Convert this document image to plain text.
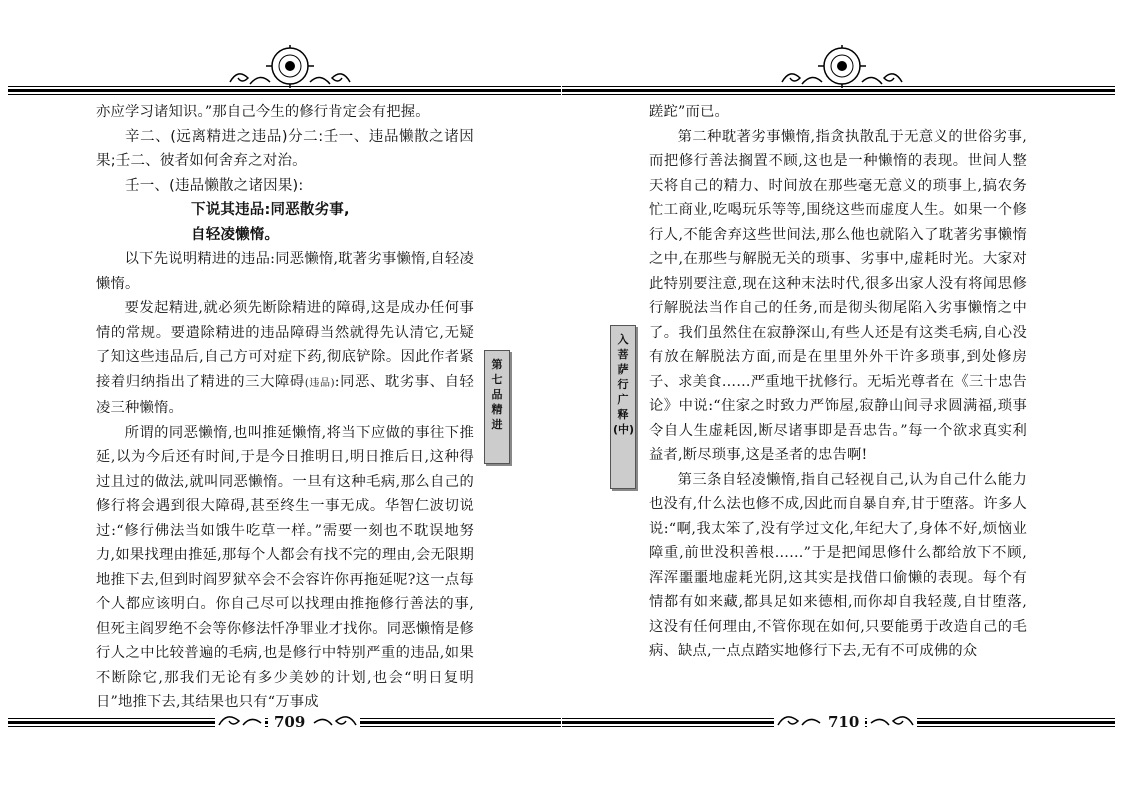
亦应学习诸知识。”那自己今生的修行肯定会有把握。

辛二、(远离精进之违品)分二:壬一、违品懒散之诸因果;壬二、彼者如何舍弃之对治。

壬一、(违品懒散之诸因果):

下说其违品:同恶散劣事,

自轻凌懒惰。

以下先说明精进的违品:同恶懒惰,耽著劣事懒惰,自轻凌懒惰。

要发起精进,就必须先断除精进的障碍,这是成办任何事情的常规。要遣除精进的违品障碍当然就得先认清它,无疑了知这些违品后,自己方可对症下药,彻底铲除。因此作者紧接着归纳指出了精进的三大障碍(违品):同恶、耽劣事、自轻凌三种懒惰。

所谓的同恶懒惰,也叫推延懒惰,将当下应做的事往下推延,以为今后还有时间,于是今日推明日,明日推后日,这种得过且过的做法,就叫同恶懒惰。一旦有这种毛病,那么自己的修行将会遇到很大障碍,甚至终生一事无成。华智仁波切说过:“修行佛法当如饿牛吃草一样。”需要一刻也不耽误地努力,如果找理由推延,那每个人都会有找不完的理由,会无限期地推下去,但到时阎罗狱卒会不会容许你再拖延呢?这一点每个人都应该明白。你自己尽可以找理由推拖修行善法的事,但死主阎罗绝不会等你修法忏净罪业才找你。同恶懒惰是修行人之中比较普遍的毛病,也是修行中特别严重的违品,如果不断除它,那我们无论有多少美妙的计划,也会“明日复明日”地推下去,其结果也只有“万事成

第七品 精进
709
入菩萨行广释(中)

蹉跎”而已。

第二种耽著劣事懒惰,指贪执散乱于无意义的世俗劣事,而把修行善法搁置不顾,这也是一种懒惰的表现。世间人整天将自己的精力、时间放在那些毫无意义的琐事上,搞农务忙工商业,吃喝玩乐等等,围绕这些而虚度人生。如果一个修行人,不能舍弃这些世间法,那么他也就陷入了耽著劣事懒惰之中,在那些与解脱无关的琐事、劣事中,虚耗时光。大家对此特别要注意,现在这种末法时代,很多出家人没有将闻思修行解脱法当作自己的任务,而是彻头彻尾陷入劣事懒惰之中了。我们虽然住在寂静深山,有些人还是有这类毛病,自心没有放在解脱法方面,而是在里里外外干许多琐事,到处修房子、求美食……严重地干扰修行。无垢光尊者在《三十忠告论》中说:“住家之时致力严饰屋,寂静山间寻求圆满福,琐事令自人生虚耗因,断尽诸事即是吾忠告。”每一个欲求真实利益者,断尽琐事,这是圣者的忠告啊!

第三条自轻凌懒惰,指自己轻视自己,认为自己什么能力也没有,什么法也修不成,因此而自暴自弃,甘于堕落。许多人说:“啊,我太笨了,没有学过文化,年纪大了,身体不好,烦恼业障重,前世没积善根……”于是把闻思修什么都给放下不顾,浑浑噩噩地虚耗光阴,这其实是找借口偷懒的表现。每个有情都有如来藏,都具足如来德相,而你却自我轻蔑,自甘堕落,这没有任何理由,不管你现在如何,只要能勇于改造自己的毛病、缺点,一点点踏实地修行下去,无有不可成佛的众

710
